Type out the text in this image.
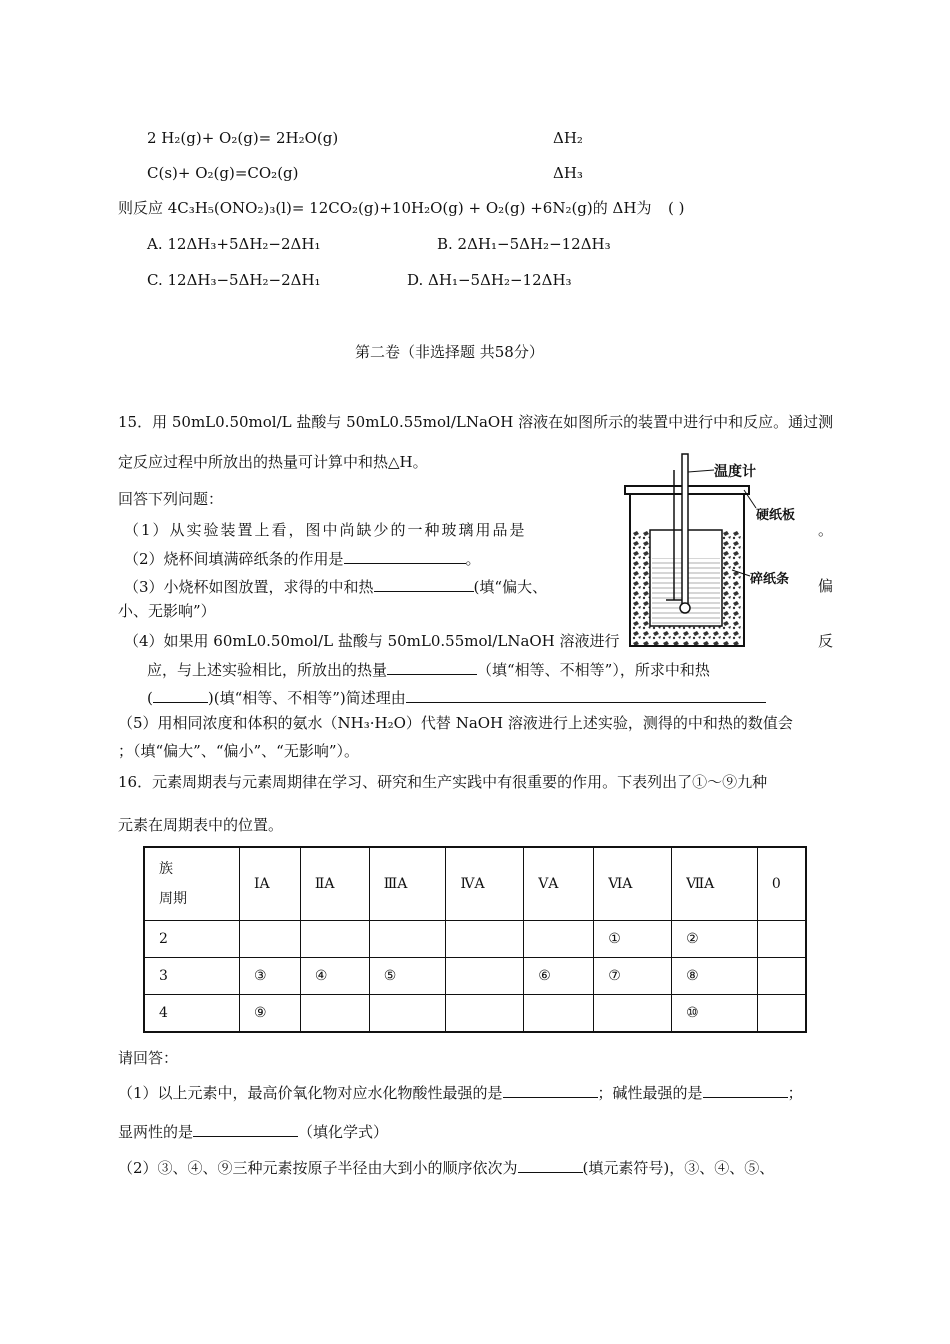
2 H₂(g)+ O₂(g)= 2H₂O(g)	ΔH₂
C(s)+ O₂(g)=CO₂(g)	ΔH₃
则反应 4C₃H₅(ONO₂)₃(l)= 12CO₂(g)+10H₂O(g) + O₂(g) +6N₂(g)的 ΔH为 ( )
A. 12ΔH₃+5ΔH₂−2ΔH₁	B. 2ΔH₁−5ΔH₂−12ΔH₃
C. 12ΔH₃−5ΔH₂−2ΔH₁	D. ΔH₁−5ΔH₂−12ΔH₃
第二卷（非选择题 共58分）
15．用 50mL0.50mol/L 盐酸与 50mL0.55mol/LNaOH 溶液在如图所示的装置中进行中和反应。通过测
定反应过程中所放出的热量可计算中和热△H。
回答下列问题：
（1）从实验装置上看，图中尚缺少的一种玻璃用品是	。
（2）烧杯间填满碎纸条的作用是	。
（3）小烧杯如图放置，求得的中和热	(填“偏大、	偏
小、无影响”）
（4）如果用 60mL0.50mol/L 盐酸与 50mL0.55mol/LNaOH 溶液进行	反
应，与上述实验相比，所放出的热量	（填“相等、不相等”），所求中和热
(	)(填“相等、不相等”)简述理由
（5）用相同浓度和体积的氨水（NH₃·H₂O）代替 NaOH 溶液进行上述实验，测得的中和热的数值会
；（填“偏大”、“偏小”、“无影响”）。
温度计
硬纸板
碎纸条
16．元素周期表与元素周期律在学习、研究和生产实践中有很重要的作用。下表列出了①～⑨九种
元素在周期表中的位置。
族
周期	ⅠA	ⅡA	ⅢA	ⅣA	ⅤA	ⅥA	ⅦA	0
2						①	②	
3	③	④	⑤		⑥	⑦	⑧	
4	⑨						⑩	
请回答：
（1）以上元素中，最高价氧化物对应水化物酸性最强的是	；碱性最强的是	；
显两性的是	（填化学式）
（2）③、④、⑨三种元素按原子半径由大到小的顺序依次为	(填元素符号)，③、④、⑤、
